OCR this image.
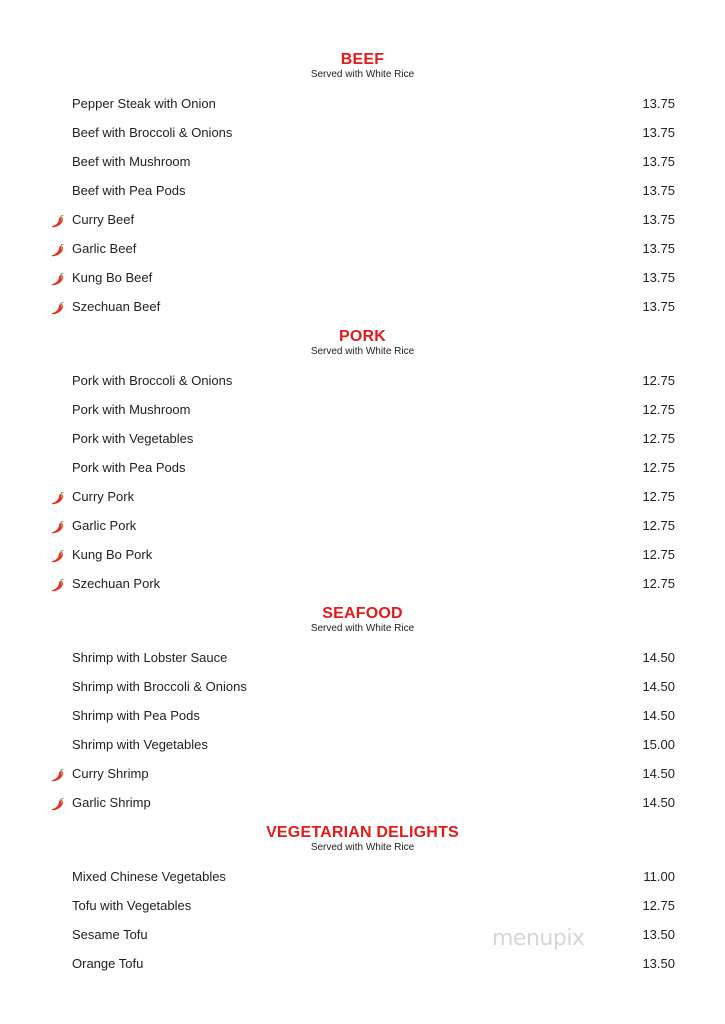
BEEF

Served with White Rice

Pepper Steak with Onion	13.75
Beef with Broccoli & Onions	13.75
Beef with Mushroom	13.75
Beef with Pea Pods	13.75
Curry Beef	13.75
Garlic Beef	13.75
Kung Bo Beef	13.75
Szechuan Beef	13.75
PORK

Served with White Rice

Pork with Broccoli & Onions	12.75
Pork with Mushroom	12.75
Pork with Vegetables	12.75
Pork with Pea Pods	12.75
Curry Pork	12.75
Garlic Pork	12.75
Kung Bo Pork	12.75
Szechuan Pork	12.75
SEAFOOD

Served with White Rice

Shrimp with Lobster Sauce	14.50
Shrimp with Broccoli & Onions	14.50
Shrimp with Pea Pods	14.50
Shrimp with Vegetables	15.00
Curry Shrimp	14.50
Garlic Shrimp	14.50
VEGETARIAN DELIGHTS

Served with White Rice

Mixed Chinese Vegetables	11.00
Tofu with Vegetables	12.75
Sesame Tofu	13.50
Orange Tofu	13.50
menupix
